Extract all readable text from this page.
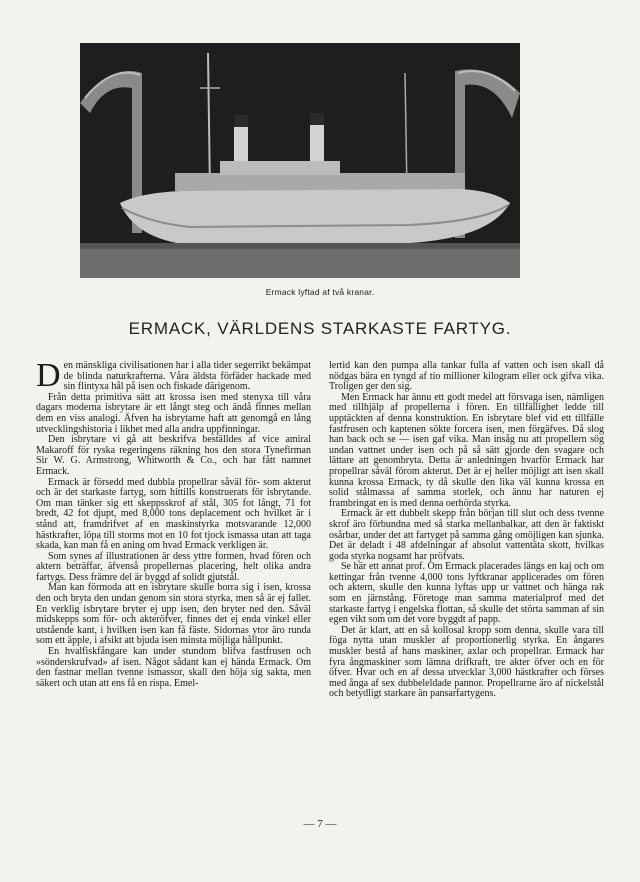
Ermack lyftad af två kranar.
ERMACK, VÄRLDENS STARKASTE FARTYG.

Den mänskliga civilisationen har i alla tider segerrikt bekämpat de blinda naturkrafterna. Våra äldsta förfäder hackade med sin flintyxa hål på isen och fiskade därigenom.

Från detta primitiva sätt att krossa isen med stenyxa till våra dagars moderna isbrytare är ett långt steg och ändå finnes mellan dem en viss analogi. Äfven ha isbrytarne haft att genomgå en lång utvecklingshistoria i likhet med alla andra uppfinningar.

Den isbrytare vi gå att beskrifva beställdes af vice amiral Makaroff för ryska regeringens räkning hos den stora Tynefirman Sir W. G. Armstrong, Whitworth & Co., och har fått namnet Ermack.

Ermack är försedd med dubbla propellrar såväl för- som akterut och är det starkaste fartyg, som hittills konstruerats för isbrytande. Om man tänker sig ett skeppsskrof af stål, 305 fot långt, 71 fot bredt, 42 fot djupt, med 8,000 tons deplacement och hvilket är i stånd att, framdrifvet af en maskinstyrka motsvarande 12,000 hästkrafter, löpa till storms mot en 10 fot tjock ismassa utan att taga skada, kan man få en aning om hvad Ermack verkligen är.

Som synes af illustrationen är dess yttre formen, hvad fören och aktern beträffar, äfvenså propellernas placering, helt olika andra fartygs. Dess främre del är byggd af solidt gjutstål.

Man kan förmoda att en isbrytare skulle borra sig i isen, krossa den och bryta den undan genom sin stora styrka, men så är ej fallet. En verklig isbrytare bryter ej upp isen, den bryter ned den. Såväl midskepps som för- och akteröfver, finnes det ej enda vinkel eller utstående kant, i hvilken isen kan få fäste. Sidornas ytor äro runda som ett äpple, i afsikt att bjuda isen minsta möjliga hållpunkt.

En hvalfiskfångare kan under stundom blifva fastfrusen och »sönderskrufvad» af isen. Något sådant kan ej hända Ermack. Om den fastnar mellan tvenne ismassor, skall den höja sig sakta, men säkert och utan att ens få en rispa. Emel-

lertid kan den pumpa alla tankar fulla af vatten och isen skall då nödgas bära en tyngd af tio millioner kilogram eller ock gifva vika. Troligen ger den sig.

Men Ermack har ännu ett godt medel att försvaga isen, nämligen med tillhjälp af propellerna i fören. En tillfällighet ledde till upptäckten af denna konstruktion. En isbrytare blef vid ett tillfälle fastfrusen och kaptenen sökte forcera isen, men förgäfves. Då slog han back och se — isen gaf vika. Man insåg nu att propellern sög undan vattnet under isen och på så sätt gjorde den svagare och lättare att genombryta. Detta är anledningen hvarför Ermack har propellrar såväl förom akterut. Det är ej heller möjligt att isen skall kunna krossa Ermack, ty då skulle den lika väl kunna krossa en solid stålmassa af samma storlek, och ännu har naturen ej frambringat en is med denna oerhörda styrka.

Ermack är ett dubbelt skepp från början till slut och dess tvenne skrof äro förbundna med så starka mellanbalkar, att den är faktiskt osårbar, under det att fartyget på samma gång omöjligen kan sjunka. Det är deladt i 48 afdelningar af absolut vattentäta skott, hvilkas goda styrka nogsamt har pröfvats.

Se här ett annat prof. Om Ermack placerades längs en kaj och om kettingar från tvenne 4,000 tons lyftkranar applicerades om fören och aktern, skulle den kunna lyftas upp ur vattnet och hänga rak som en järnstång. Företoge man samma materialprof med det starkaste fartyg i engelska flottan, så skulle det störta samman af sin egen vikt som om det vore byggdt af papp.

Det är klart, att en så kollosal kropp som denna, skulle vara till föga nytta utan muskler af proportionerlig styrka. En ångares muskler bestå af hans maskiner, axlar och propellrar. Ermack har fyra ångmaskiner som lämna drifkraft, tre akter öfver och en för öfver. Hvar och en af dessa utvecklar 3,000 hästkrafter och förses med ånga af sex dubbeleldade pannor. Propellrarne äro af nickelstål och betydligt starkare än pansarfartygens.

— 7 —
